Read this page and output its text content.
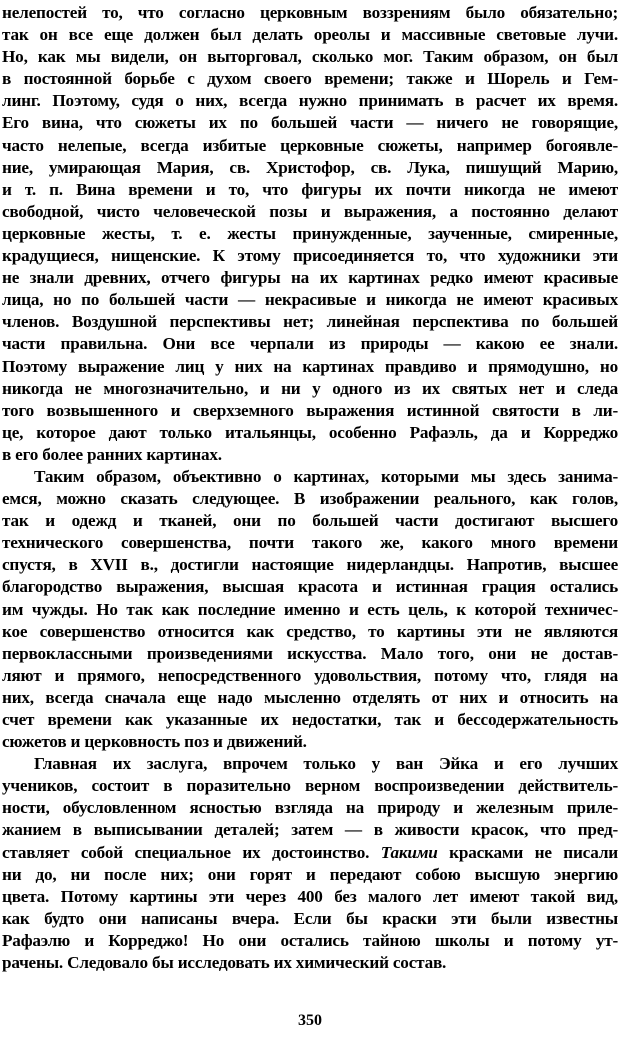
нелепостей то, что согласно церковным воззрениям было обязательно;
так он все еще должен был делать ореолы и массивные световые лучи.
Но, как мы видели, он выторговал, сколько мог. Таким образом, он был
в постоянной борьбе с духом своего времени; также и Шорель и Гем-
линг. Поэтому, судя о них, всегда нужно принимать в расчет их время.
Его вина, что сюжеты их по большей части — ничего не говорящие,
часто нелепые, всегда избитые церковные сюжеты, например богоявле-
ние, умирающая Мария, св. Христофор, св. Лука, пишущий Марию,
и т. п. Вина времени и то, что фигуры их почти никогда не имеют
свободной, чисто человеческой позы и выражения, а постоянно делают
церковные жесты, т. е. жесты принужденные, заученные, смиренные,
крадущиеся, нищенские. К этому присоединяется то, что художники эти
не знали древних, отчего фигуры на их картинах редко имеют красивые
лица, но по большей части — некрасивые и никогда не имеют красивых
членов. Воздушной перспективы нет; линейная перспектива по большей
части правильна. Они все черпали из природы — какою ее знали.
Поэтому выражение лиц у них на картинах правдиво и прямодушно, но
никогда не многозначительно, и ни у одного из их святых нет и следа
того возвышенного и сверхземного выражения истинной святости в ли-
це, которое дают только итальянцы, особенно Рафаэль, да и Корреджо
в его более ранних картинах.
Таким образом, объективно о картинах, которыми мы здесь занима-
емся, можно сказать следующее. В изображении реального, как голов,
так и одежд и тканей, они по большей части достигают высшего
технического совершенства, почти такого же, какого много времени
спустя, в XVII в., достигли настоящие нидерландцы. Напротив, высшее
благородство выражения, высшая красота и истинная грация остались
им чужды. Но так как последние именно и есть цель, к которой техничес-
кое совершенство относится как средство, то картины эти не являются
первоклассными произведениями искусства. Мало того, они не достав-
ляют и прямого, непосредственного удовольствия, потому что, глядя на
них, всегда сначала еще надо мысленно отделять от них и относить на
счет времени как указанные их недостатки, так и бессодержательность
сюжетов и церковность поз и движений.
Главная их заслуга, впрочем только у ван Эйка и его лучших
учеников, состоит в поразительно верном воспроизведении действитель-
ности, обусловленном ясностью взгляда на природу и железным приле-
жанием в выписывании деталей; затем — в живости красок, что пред-
ставляет собой специальное их достоинство. Такими красками не писали
ни до, ни после них; они горят и передают собою высшую энергию
цвета. Потому картины эти через 400 без малого лет имеют такой вид,
как будто они написаны вчера. Если бы краски эти были известны
Рафаэлю и Корреджо! Но они остались тайною школы и потому ут-
рачены. Следовало бы исследовать их химический состав.
350
